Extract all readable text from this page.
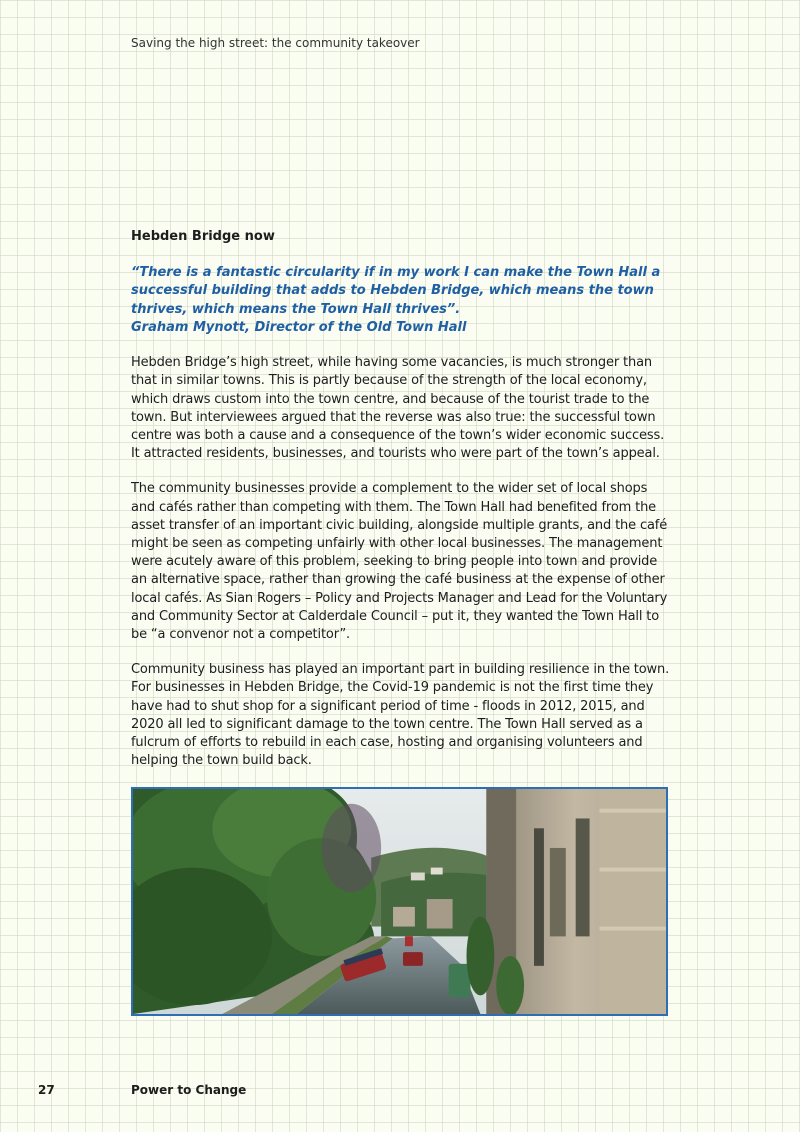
Saving the high street: the community takeover
Hebden Bridge now
“There is a fantastic circularity if in my work I can make the Town Hall a successful building that adds to Hebden Bridge, which means the town thrives, which means the Town Hall thrives”.
Graham Mynott, Director of the Old Town Hall

Hebden Bridge’s high street, while having some vacancies, is much stronger than that in similar towns. This is partly because of the strength of the local economy, which draws custom into the town centre, and because of the tourist trade to the town. But interviewees argued that the reverse was also true: the successful town centre was both a cause and a consequence of the town’s wider economic success. It attracted residents, businesses, and tourists who were part of the town’s appeal.

The community businesses provide a complement to the wider set of local shops and cafés rather than competing with them. The Town Hall had benefited from the asset transfer of an important civic building, alongside multiple grants, and the café might be seen as competing unfairly with other local businesses. The management were acutely aware of this problem, seeking to bring people into town and provide an alternative space, rather than growing the café business at the expense of other local cafés. As Sian Rogers – Policy and Projects Manager and Lead for the Voluntary and Community Sector at Calderdale Council – put it, they wanted the Town Hall to be “a convenor not a competitor”.

Community business has played an important part in building resilience in the town. For businesses in Hebden Bridge, the Covid-19 pandemic is not the first time they have had to shut shop for a significant period of time - floods in 2012, 2015, and 2020 all led to significant damage to the town centre. The Town Hall served as a fulcrum of efforts to rebuild in each case, hosting and organising volunteers and helping the town build back.

27	Power to Change
